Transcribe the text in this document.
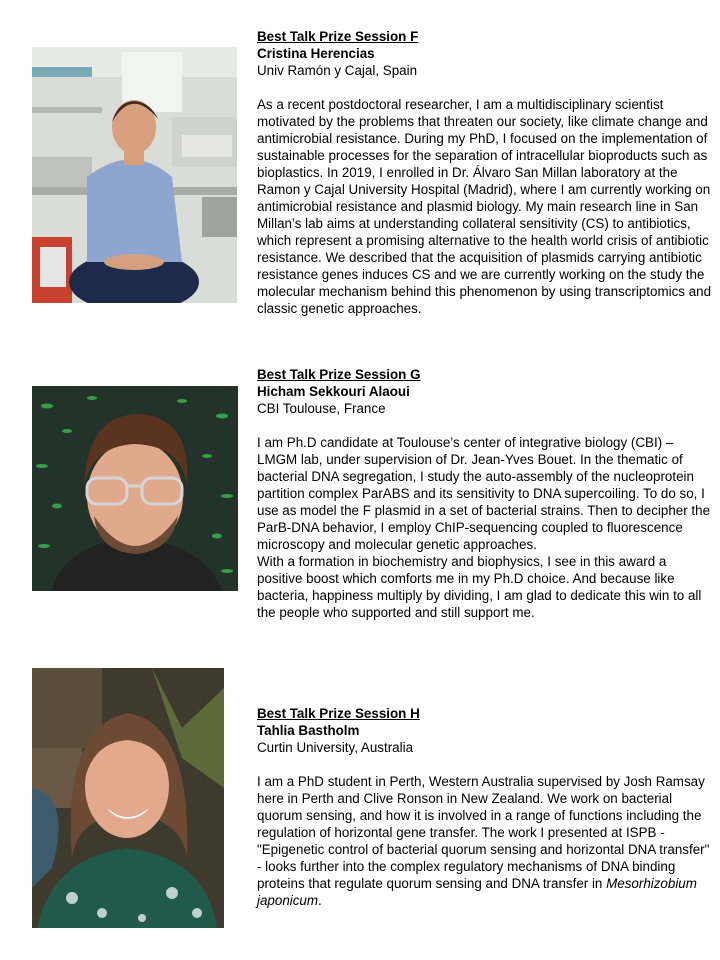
Best Talk Prize Session F
Cristina Herencias
Univ Ramón y Cajal, Spain
As a recent postdoctoral researcher, I am a multidisciplinary scientist motivated by the problems that threaten our society, like climate change and antimicrobial resistance. During my PhD, I focused on the implementation of sustainable processes for the separation of intracellular bioproducts such as bioplastics. In 2019, I enrolled in Dr. Álvaro San Millan laboratory at the Ramon y Cajal University Hospital (Madrid), where I am currently working on antimicrobial resistance and plasmid biology. My main research line in San Millan’s lab aims at understanding collateral sensitivity (CS) to antibiotics, which represent a promising alternative to the health world crisis of antibiotic resistance. We described that the acquisition of plasmids carrying antibiotic resistance genes induces CS and we are currently working on the study the molecular mechanism behind this phenomenon by using transcriptomics and classic genetic approaches.
Best Talk Prize Session G
Hicham Sekkouri Alaoui
CBI Toulouse, France

I am Ph.D candidate at Toulouse’s center of integrative biology (CBI) – LMGM lab, under supervision of Dr. Jean-Yves Bouet. In the thematic of bacterial DNA segregation, I study the auto-assembly of the nucleoprotein partition complex ParABS and its sensitivity to DNA supercoiling. To do so, I use as model the F plasmid in a set of bacterial strains. Then to decipher the ParB-DNA behavior, I employ ChIP-sequencing coupled to fluorescence microscopy and molecular genetic approaches.

With a formation in biochemistry and biophysics, I see in this award a positive boost which comforts me in my Ph.D choice. And because like bacteria, happiness multiply by dividing, I am glad to dedicate this win to all the people who supported and still support me.

Best Talk Prize Session H
Tahlia Bastholm
Curtin University, Australia
I am a PhD student in Perth, Western Australia supervised by Josh Ramsay here in Perth and Clive Ronson in New Zealand. We work on bacterial quorum sensing, and how it is involved in a range of functions including the regulation of horizontal gene transfer. The work I presented at ISPB - "Epigenetic control of bacterial quorum sensing and horizontal DNA transfer" - looks further into the complex regulatory mechanisms of DNA binding proteins that regulate quorum sensing and DNA transfer in Mesorhizobium japonicum.
